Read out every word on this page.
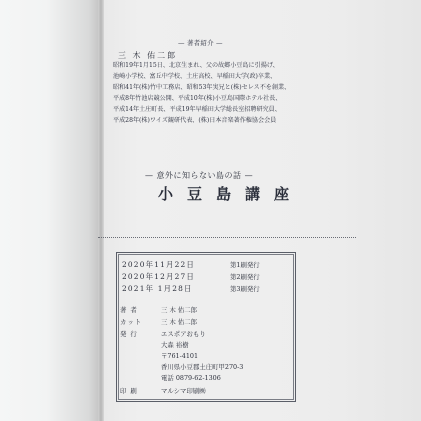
— 著者紹介 —
三 木 佑二郎
昭和19年1月15日、北京生まれ、父の故郷小豆島に引揚げ、
池崎小学校、富丘中学校、土庄高校、早稲田大学(政)卒業、
昭和41年(株)竹中工務店、昭和53年実兄と(株)セレス不を創業、
平成8年竹池店競公開、平成10年(株)小豆島国際ホテル社長、
平成14年土庄町長、平成19年早稲田大学総長室招聘研究員、
平成28年(株)ワイズ観研代表、(株)日本音楽著作権協会会員
— 意外に知らない島の話 —
小豆島講座
2020年11月22日	第1刷発行
2020年12月27日	第2刷発行
2021年 1月28日	第3刷発行
著 者	三 木 佑二郎
カット	三 木 佑二郎
発 行	エスポアおもり
大森 裕樹
〒761-4101
香川県小豆郡土庄町甲270-3
電話 0879-62-1306
印 刷	マルシマ印刷㈱
